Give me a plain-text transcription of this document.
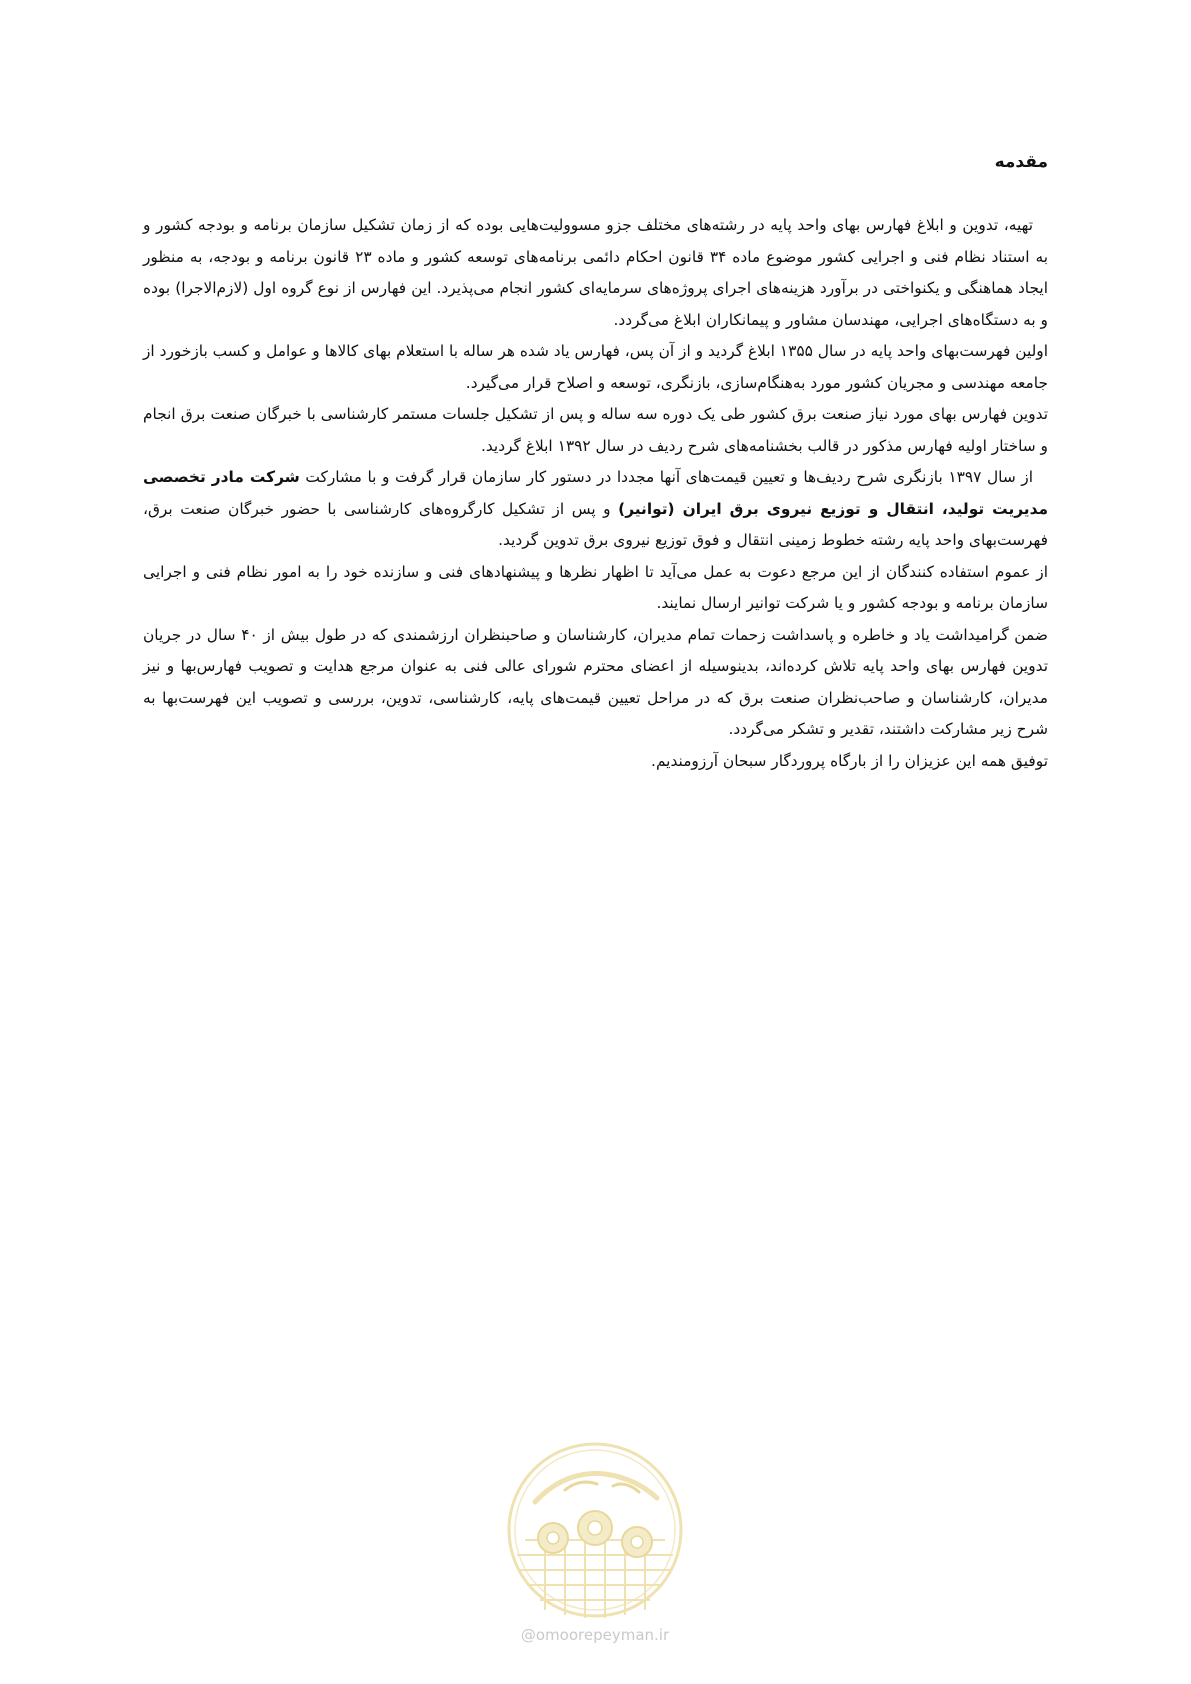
مقدمه

تهیه، تدوین و ابلاغ فهارس بهای واحد پایه در رشته‌های مختلف جزو مسوولیت‌هایی بوده که از زمان تشکیل سازمان برنامه و بودجه کشور و به استناد نظام فنی و اجرایی کشور موضوع ماده ۳۴ قانون احکام دائمی برنامه‌های توسعه کشور و ماده ۲۳ قانون برنامه و بودجه، به منظور ایجاد هماهنگی و یکنواختی در برآورد هزینه‌های اجرای پروژه‌های سرمایه‌ای کشور انجام می‌پذیرد. این فهارس از نوع گروه اول (لازم‌الاجرا) بوده و به دستگاه‌های اجرایی، مهندسان مشاور و پیمانکاران ابلاغ می‌گردد.

اولین فهرست‌بهای واحد پایه در سال ۱۳۵۵ ابلاغ گردید و از آن پس، فهارس یاد شده هر ساله با استعلام بهای کالاها و عوامل و کسب بازخورد از جامعه مهندسی و مجریان کشور مورد به‌هنگام‌سازی، بازنگری، توسعه و اصلاح قرار می‌گیرد.

تدوین فهارس بهای مورد نیاز صنعت برق کشور طی یک دوره سه ساله و پس از تشکیل جلسات مستمر کارشناسی با خبرگان صنعت برق انجام و ساختار اولیه فهارس مذکور در قالب بخشنامه‌های شرح ردیف در سال ۱۳۹۲ ابلاغ گردید.

از سال ۱۳۹۷ بازنگری شرح ردیف‌ها و تعیین قیمت‌های آنها مجددا در دستور کار سازمان قرار گرفت و با مشارکت شرکت مادر تخصصی مدیریت تولید، انتقال و توزیع نیروی برق ایران (توانیر) و پس از تشکیل کارگروه‌های کارشناسی با حضور خبرگان صنعت برق، فهرست‌بهای واحد پایه رشته خطوط زمینی انتقال و فوق توزیع نیروی برق تدوین گردید.

از عموم استفاده کنندگان از این مرجع دعوت به عمل می‌آید تا اظهار نظرها و پیشنهادهای فنی و سازنده خود را به امور نظام فنی و اجرایی سازمان برنامه و بودجه کشور و یا شرکت توانیر ارسال نمایند.

ضمن گرامیداشت یاد و خاطره و پاسداشت زحمات تمام مدیران، کارشناسان و صاحبنظران ارزشمندی که در طول بیش از ۴۰ سال در جریان تدوین فهارس بهای واحد پایه تلاش کرده‌اند، بدینوسیله از اعضای محترم شورای عالی فنی به عنوان مرجع هدایت و تصویب فهارس‌بها و نیز مدیران، کارشناسان و صاحب‌نظران صنعت برق که در مراحل تعیین قیمت‌های پایه، کارشناسی، تدوین، بررسی و تصویب این فهرست‌بها به شرح زیر مشارکت داشتند، تقدیر و تشکر می‌گردد.

توفیق همه این عزیزان را از بارگاه پروردگار سبحان آرزومندیم.

@omoorepeyman.ir
